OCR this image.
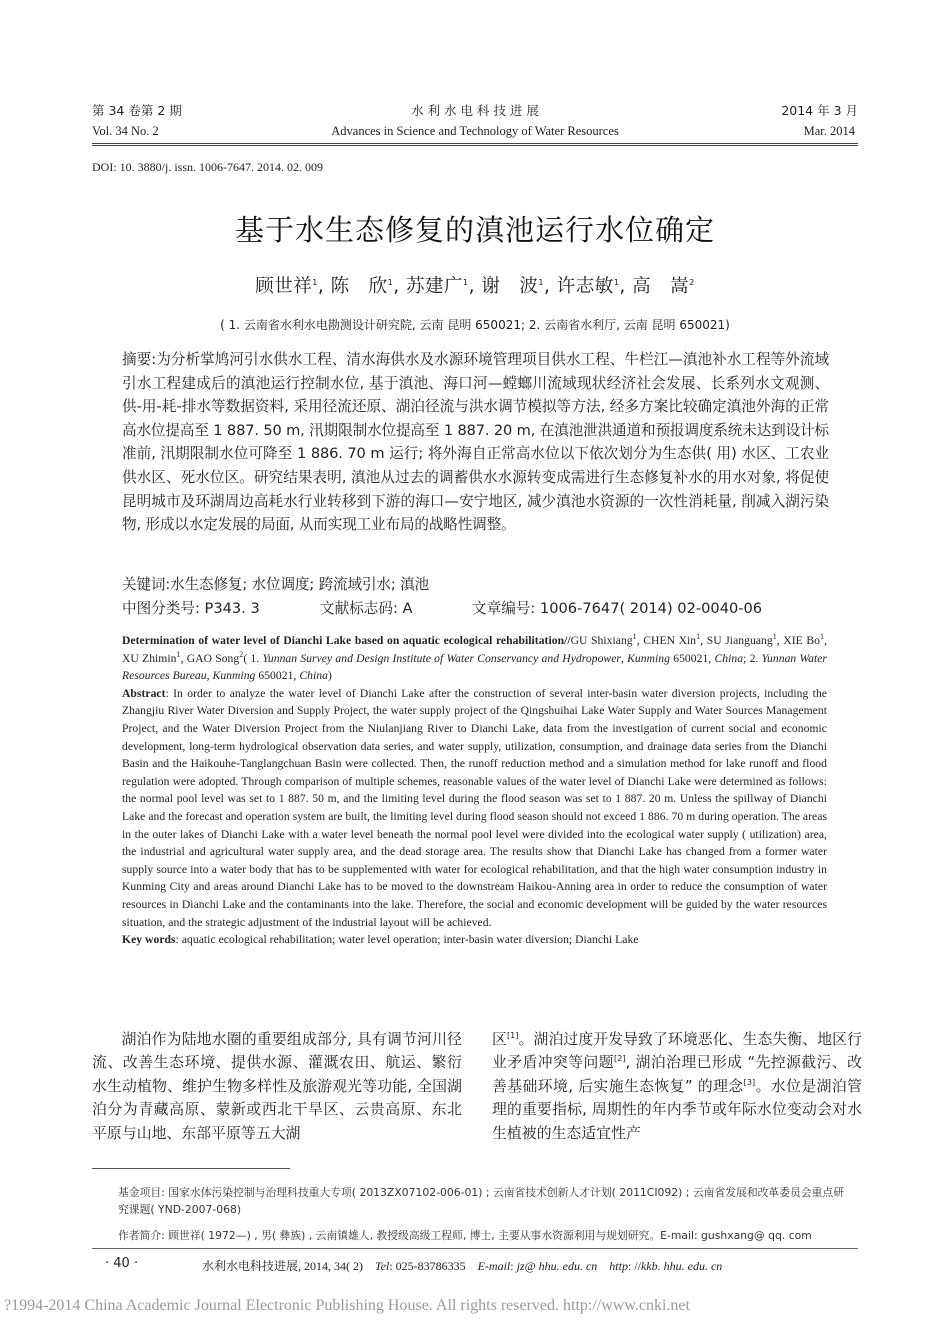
第 34 卷第 2 期
Vol. 34 No. 2
水 利 水 电 科 技 进 展
Advances in Science and Technology of Water Resources
2014 年 3 月
Mar. 2014
DOI: 10. 3880/j. issn. 1006-7647. 2014. 02. 009
基于水生态修复的滇池运行水位确定
顾世祥$^1$, 陈　欣$^1$, 苏建广$^1$, 谢　波$^1$, 许志敏$^1$, 高　嵩$^2$
( 1. 云南省水利水电勘测设计研究院, 云南 昆明 650021; 2. 云南省水利厅, 云南 昆明 650021)
摘要:为分析掌鸠河引水供水工程、清水海供水及水源环境管理项目供水工程、牛栏江—滇池补水工程等外流域引水工程建成后的滇池运行控制水位, 基于滇池、海口河—螳螂川流域现状经济社会发展、长系列水文观测、供-用-耗-排水等数据资料, 采用径流还原、湖泊径流与洪水调节模拟等方法, 经多方案比较确定滇池外海的正常高水位提高至 1 887. 50 m, 汛期限制水位提高至 1 887. 20 m, 在滇池泄洪通道和预报调度系统未达到设计标准前, 汛期限制水位可降至 1 886. 70 m 运行; 将外海自正常高水位以下依次划分为生态供( 用) 水区、工农业供水区、死水位区。研究结果表明, 滇池从过去的调蓄供水水源转变成需进行生态修复补水的用水对象, 将促使昆明城市及环湖周边高耗水行业转移到下游的海口—安宁地区, 减少滇池水资源的一次性消耗量, 削减入湖污染物, 形成以水定发展的局面, 从而实现工业布局的战略性调整。
关键词:水生态修复; 水位调度; 跨流域引水; 滇池
中图分类号: P343. 3	文献标志码: A	文章编号: 1006-7647( 2014) 02-0040-06
Determination of water level of Dianchi Lake based on aquatic ecological rehabilitation//GU Shixiang$^1$, CHEN Xin$^1$, SU Jianguang$^1$, XIE Bo$^1$, XU Zhimin$^1$, GAO Song$^2$( 1. Yunnan Survey and Design Institute of Water Conservancy and Hydropower, Kunming 650021, China; 2. Yunnan Water Resources Bureau, Kunming 650021, China)
Abstract: In order to analyze the water level of Dianchi Lake after the construction of several inter-basin water diversion projects, including the Zhangjiu River Water Diversion and Supply Project, the water supply project of the Qingshuihai Lake Water Supply and Water Sources Management Project, and the Water Diversion Project from the Niulanjiang River to Dianchi Lake, data from the investigation of current social and economic development, long-term hydrological observation data series, and water supply, utilization, consumption, and drainage data series from the Dianchi Basin and the Haikouhe-Tanglangchuan Basin were collected. Then, the runoff reduction method and a simulation method for lake runoff and flood regulation were adopted. Through comparison of multiple schemes, reasonable values of the water level of Dianchi Lake were determined as follows: the normal pool level was set to 1 887. 50 m, and the limiting level during the flood season was set to 1 887. 20 m. Unless the spillway of Dianchi Lake and the forecast and operation system are built, the limiting level during flood season should not exceed 1 886. 70 m during operation. The areas in the outer lakes of Dianchi Lake with a water level beneath the normal pool level were divided into the ecological water supply ( utilization) area, the industrial and agricultural water supply area, and the dead storage area. The results show that Dianchi Lake has changed from a former water supply source into a water body that has to be supplemented with water for ecological rehabilitation, and that the high water consumption industry in Kunming City and areas around Dianchi Lake has to be moved to the downstream Haikou-Anning area in order to reduce the consumption of water resources in Dianchi Lake and the contaminants into the lake. Therefore, the social and economic development will be guided by the water resources situation, and the strategic adjustment of the industrial layout will be achieved.
Key words: aquatic ecological rehabilitation; water level operation; inter-basin water diversion; Dianchi Lake
湖泊作为陆地水圈的重要组成部分, 具有调节河川径流、改善生态环境、提供水源、灌溉农田、航运、繁衍水生动植物、维护生物多样性及旅游观光等功能, 全国湖泊分为青藏高原、蒙新或西北干旱区、云贵高原、东北平原与山地、东部平原等五大湖
区[1]。湖泊过度开发导致了环境恶化、生态失衡、地区行业矛盾冲突等问题[2], 湖泊治理已形成 “先控源截污、改善基础环境, 后实施生态恢复” 的理念[3]。水位是湖泊管理的重要指标, 周期性的年内季节或年际水位变动会对水生植被的生态适宜性产
基金项目: 国家水体污染控制与治理科技重大专项( 2013ZX07102-006-01) ; 云南省技术创新人才计划( 2011CI092) ; 云南省发展和改革委员会重点研究课题( YND-2007-068)
作者简介: 顾世祥( 1972—) , 男( 彝族) , 云南镇雄人, 教授级高级工程师, 博士, 主要从事水资源利用与规划研究。E-mail: gushxang@ qq. com
· 40 ·	水利水电科技进展, 2014, 34( 2)    Tel: 025-83786335    E-mail: jz@ hhu. edu. cn http: //kkb. hhu. edu. cn
?1994-2014 China Academic Journal Electronic Publishing House. All rights reserved. http://www.cnki.net
